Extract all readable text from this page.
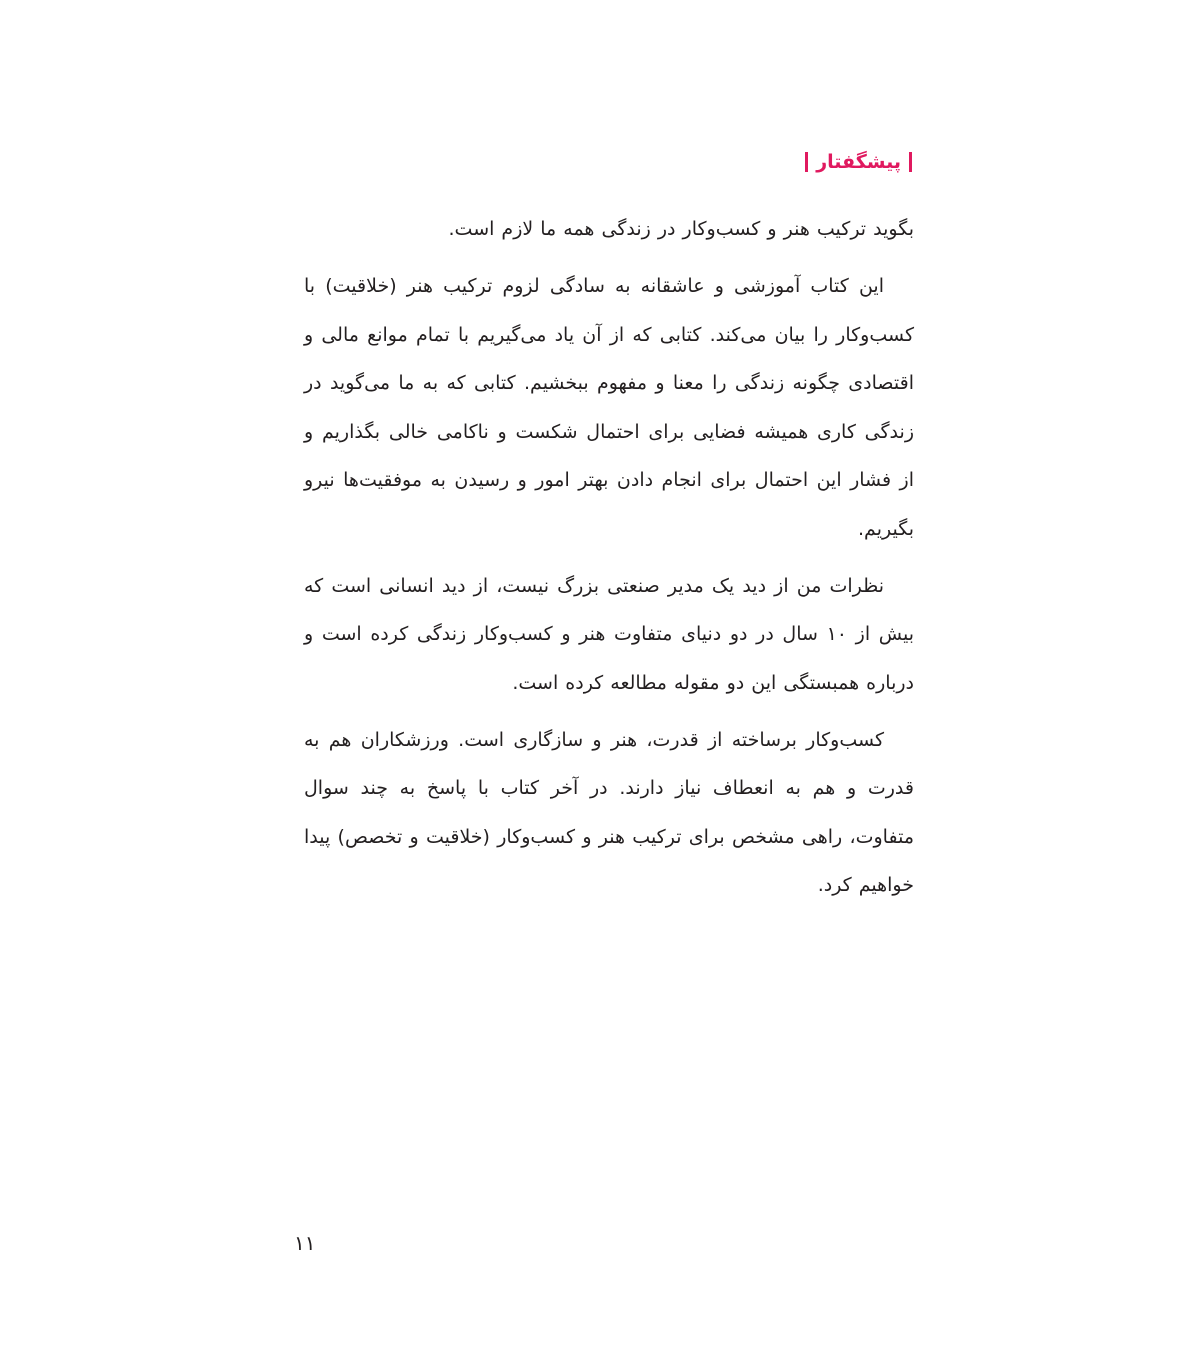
پیشگفتار

بگوید ترکیب هنر و کسب‌وکار در زندگی همه ما لازم است.

این کتاب آموزشی و عاشقانه به سادگی لزوم ترکیب هنر (خلاقیت) با کسب‌وکار را بیان می‌کند. کتابی که از آن یاد می‌گیریم با تمام موانع مالی و اقتصادی چگونه زندگی را معنا و مفهوم ببخشیم. کتابی که به ما می‌گوید در زندگی کاری همیشه فضایی برای احتمال شکست و ناکامی خالی بگذاریم و از فشار این احتمال برای انجام دادن بهتر امور و رسیدن به موفقیت‌ها نیرو بگیریم.

نظرات من از دید یک مدیر صنعتی بزرگ نیست، از دید انسانی است که بیش از ۱۰ سال در دو دنیای متفاوت هنر و کسب‌وکار زندگی کرده است و درباره همبستگی این دو مقوله مطالعه کرده است.

کسب‌وکار برساخته از قدرت، هنر و سازگاری است. ورزشکاران هم به قدرت و هم به انعطاف نیاز دارند. در آخر کتاب با پاسخ به چند سوال متفاوت، راهی مشخص برای ترکیب هنر و کسب‌وکار (خلاقیت و تخصص) پیدا خواهیم کرد.

۱۱
